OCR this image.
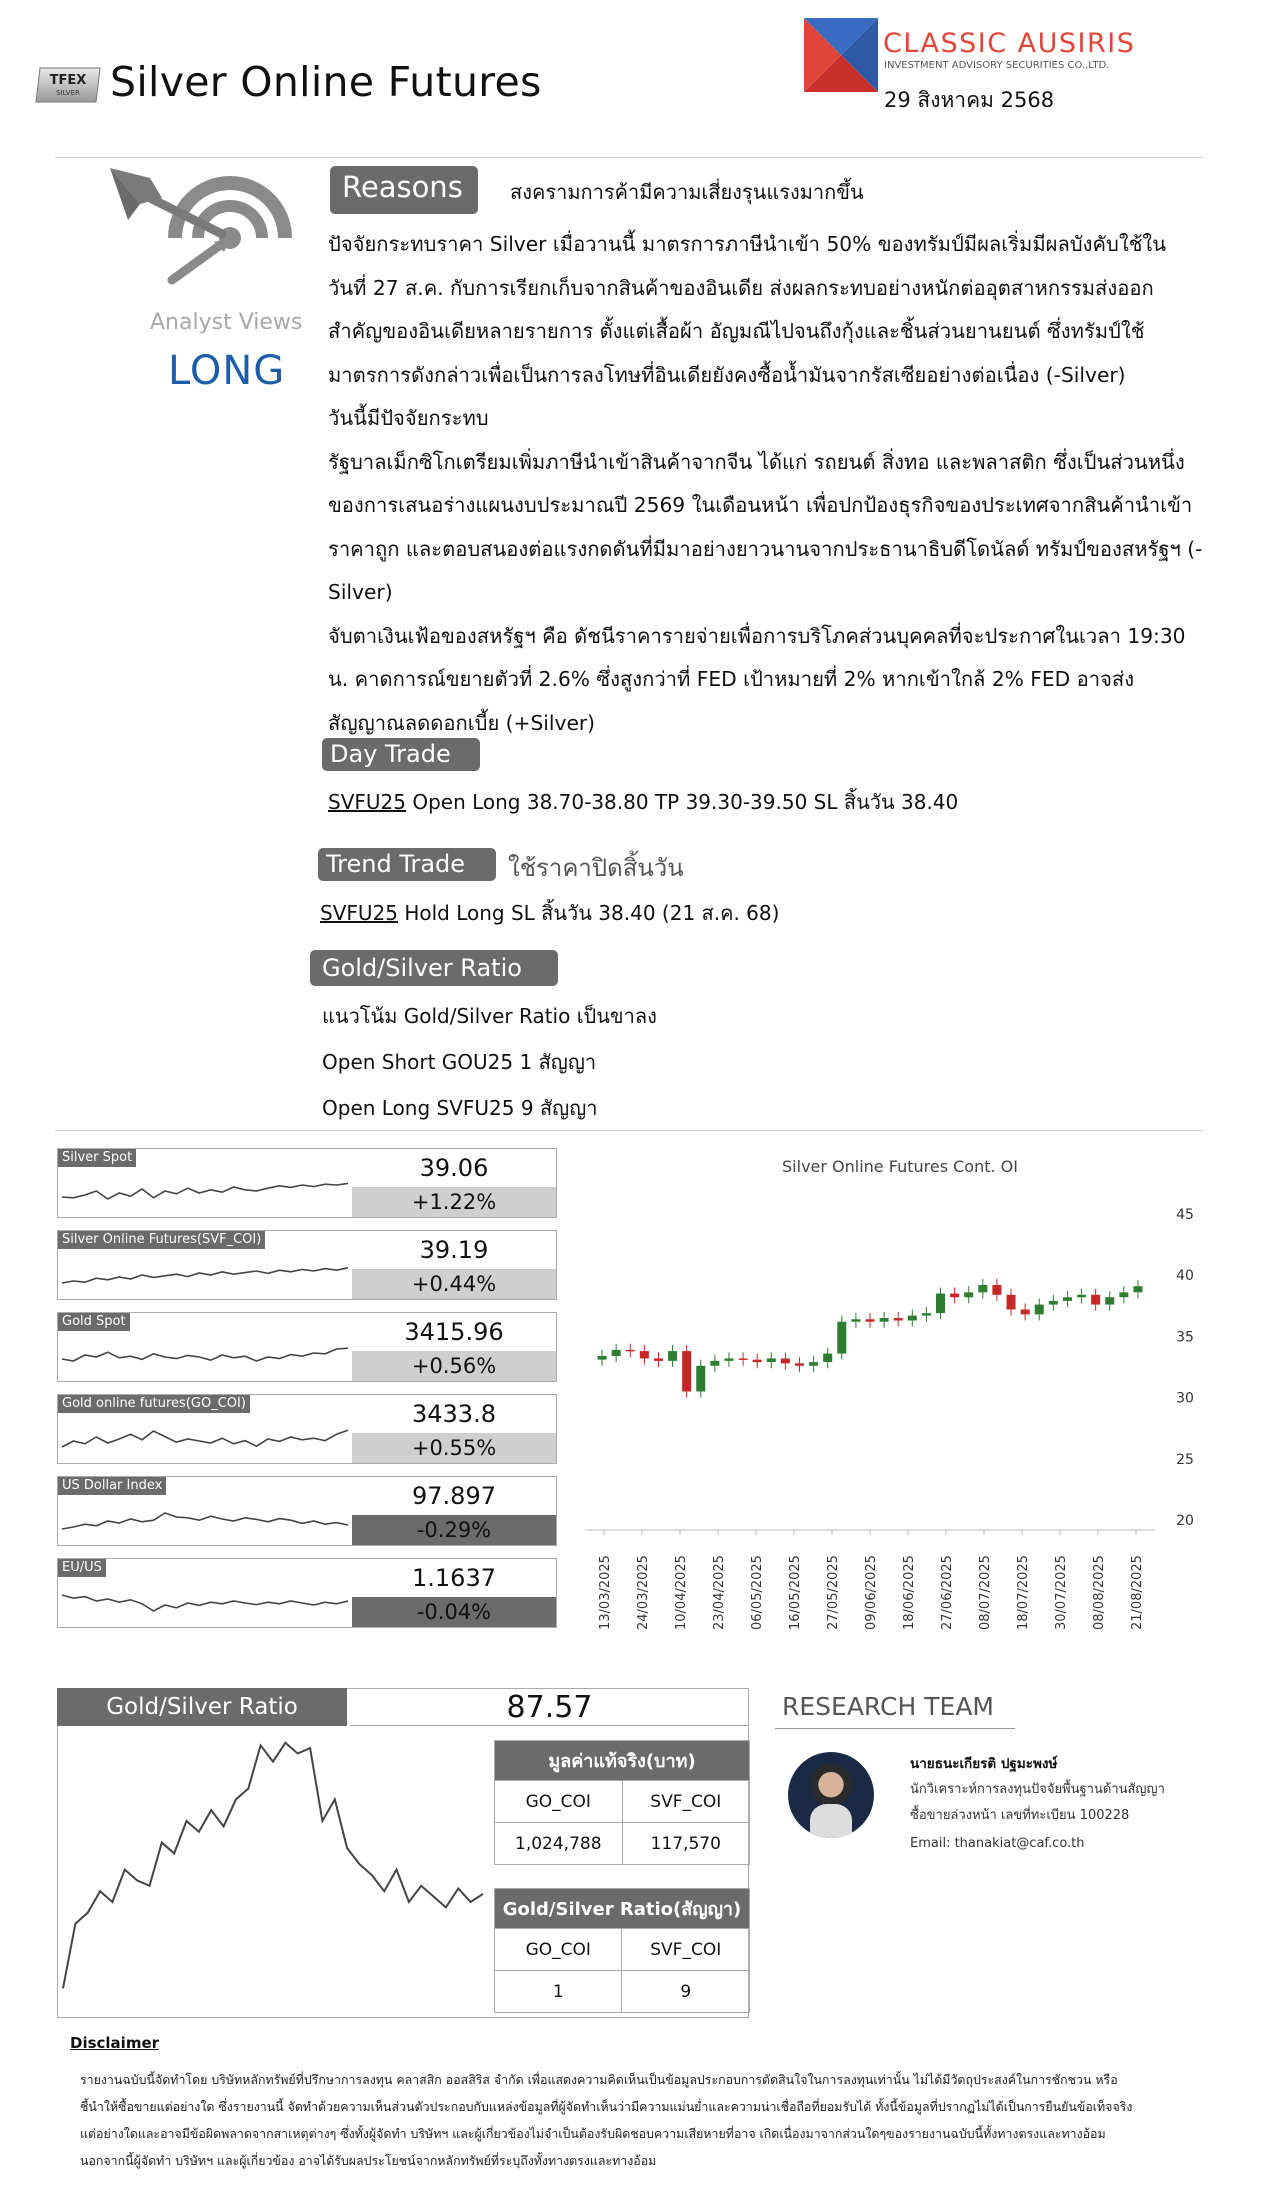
TFEX
SILVER Silver Online Futures
CLASSIC AUSIRIS
INVESTMENT ADVISORY SECURITIES CO.,LTD.
29 สิงหาคม 2568
Analyst Views
LONG
Reasons	สงครามการค้ามีความเสี่ยงรุนแรงมากขึ้น
ปัจจัยกระทบราคา Silver เมื่อวานนี้ มาตรการภาษีนำเข้า 50% ของทรัมป์มีผลเริ่มมีผลบังคับใช้ใน
วันที่ 27 ส.ค. กับการเรียกเก็บจากสินค้าของอินเดีย ส่งผลกระทบอย่างหนักต่ออุตสาหกรรมส่งออก
สำคัญของอินเดียหลายรายการ ตั้งแต่เสื้อผ้า อัญมณีไปจนถึงกุ้งและชิ้นส่วนยานยนต์ ซึ่งทรัมป์ใช้
มาตรการดังกล่าวเพื่อเป็นการลงโทษที่อินเดียยังคงซื้อน้ำมันจากรัสเซียอย่างต่อเนื่อง (-Silver)
วันนี้มีปัจจัยกระทบ
รัฐบาลเม็กซิโกเตรียมเพิ่มภาษีนำเข้าสินค้าจากจีน ได้แก่ รถยนต์ สิ่งทอ และพลาสติก ซึ่งเป็นส่วนหนึ่ง
ของการเสนอร่างแผนงบประมาณปี 2569 ในเดือนหน้า เพื่อปกป้องธุรกิจของประเทศจากสินค้านำเข้า
ราคาถูก และตอบสนองต่อแรงกดดันที่มีมาอย่างยาวนานจากประธานาธิบดีโดนัลด์ ทรัมป์ของสหรัฐฯ (-
Silver)
จับตาเงินเฟ้อของสหรัฐฯ คือ ดัชนีราคารายจ่ายเพื่อการบริโภคส่วนบุคคลที่จะประกาศในเวลา 19:30
น. คาดการณ์ขยายตัวที่ 2.6% ซึ่งสูงกว่าที่ FED เป้าหมายที่ 2% หากเข้าใกล้ 2% FED อาจส่ง
สัญญาณลดดอกเบี้ย (+Silver)
Day Trade
SVFU25 Open Long 38.70-38.80 TP 39.30-39.50 SL สิ้นวัน 38.40
Trend Trade	ใช้ราคาปิดสิ้นวัน
SVFU25 Hold Long SL สิ้นวัน 38.40 (21 ส.ค. 68)
Gold/Silver Ratio
แนวโน้ม Gold/Silver Ratio เป็นขาลง
Open Short GOU25 1 สัญญา
Open Long SVFU25 9 สัญญา
Silver Spot	39.06
+1.22%
Silver Online Futures(SVF_COI)	39.19
+0.44%
Gold Spot	3415.96
+0.56%
Gold online futures(GO_COI)	3433.8
+0.55%
US Dollar Index	97.897
-0.29%
EU/US	1.1637
-0.04%
Silver Online Futures Cont. OI
45
40
35
30
25
20
13/03/2025 24/03/2025 10/04/2025 23/04/2025 06/05/2025 16/05/2025 27/05/2025 09/06/2025 18/06/2025 27/06/2025 08/07/2025 18/07/2025 30/07/2025 08/08/2025 21/08/2025
Gold/Silver Ratio	87.57
มูลค่าแท้จริง(บาท)	
GO_COI	SVF_COI
1,024,788	117,570
Gold/Silver Ratio(สัญญา)	
GO_COI	SVF_COI
1	9
RESEARCH TEAM
นายธนะเกียรติ ปฐมะพงษ์
นักวิเคราะห์การลงทุนปัจจัยพื้นฐานด้านสัญญา
ซื้อขายล่วงหน้า เลขที่ทะเบียน 100228
Email: thanakiat@caf.co.th
Disclaimer
รายงานฉบับนี้จัดทำโดย บริษัทหลักทรัพย์ที่ปรึกษาการลงทุน คลาสสิก ออสสิริส จำกัด เพื่อแสดงความคิดเห็นเป็นข้อมูลประกอบการตัดสินใจในการลงทุนเท่านั้น ไม่ได้มีวัตถุประสงค์ในการชักชวน หรือ
ชี้นำให้ซื้อขายแต่อย่างใด ซึ่งรายงานนี้ จัดทำด้วยความเห็นส่วนตัวประกอบกับแหล่งข้อมูลที่ผู้จัดทำเห็นว่ามีความแม่นย่ำและความน่าเชื่อถือที่ยอมรับได้ ทั้งนี้ข้อมูลที่ปรากฏไม่ได้เป็นการยืนยันข้อเท็จจริง
แต่อย่างใดและอาจมีข้อผิดพลาดจากสาเหตุต่างๆ ซึ่งทั้งผู้จัดทำ บริษัทฯ และผู้เกี่ยวข้องไม่จำเป็นต้องรับผิดชอบความเสียหายที่อาจ เกิดเนื่องมาจากส่วนใดๆของรายงานฉบับนี้ทั้งทางตรงและทางอ้อม
นอกจากนี้ผู้จัดทำ บริษัทฯ และผู้เกี่ยวข้อง อาจได้รับผลประโยชน์จากหลักทรัพย์ที่ระบุถึงทั้งทางตรงและทางอ้อม
